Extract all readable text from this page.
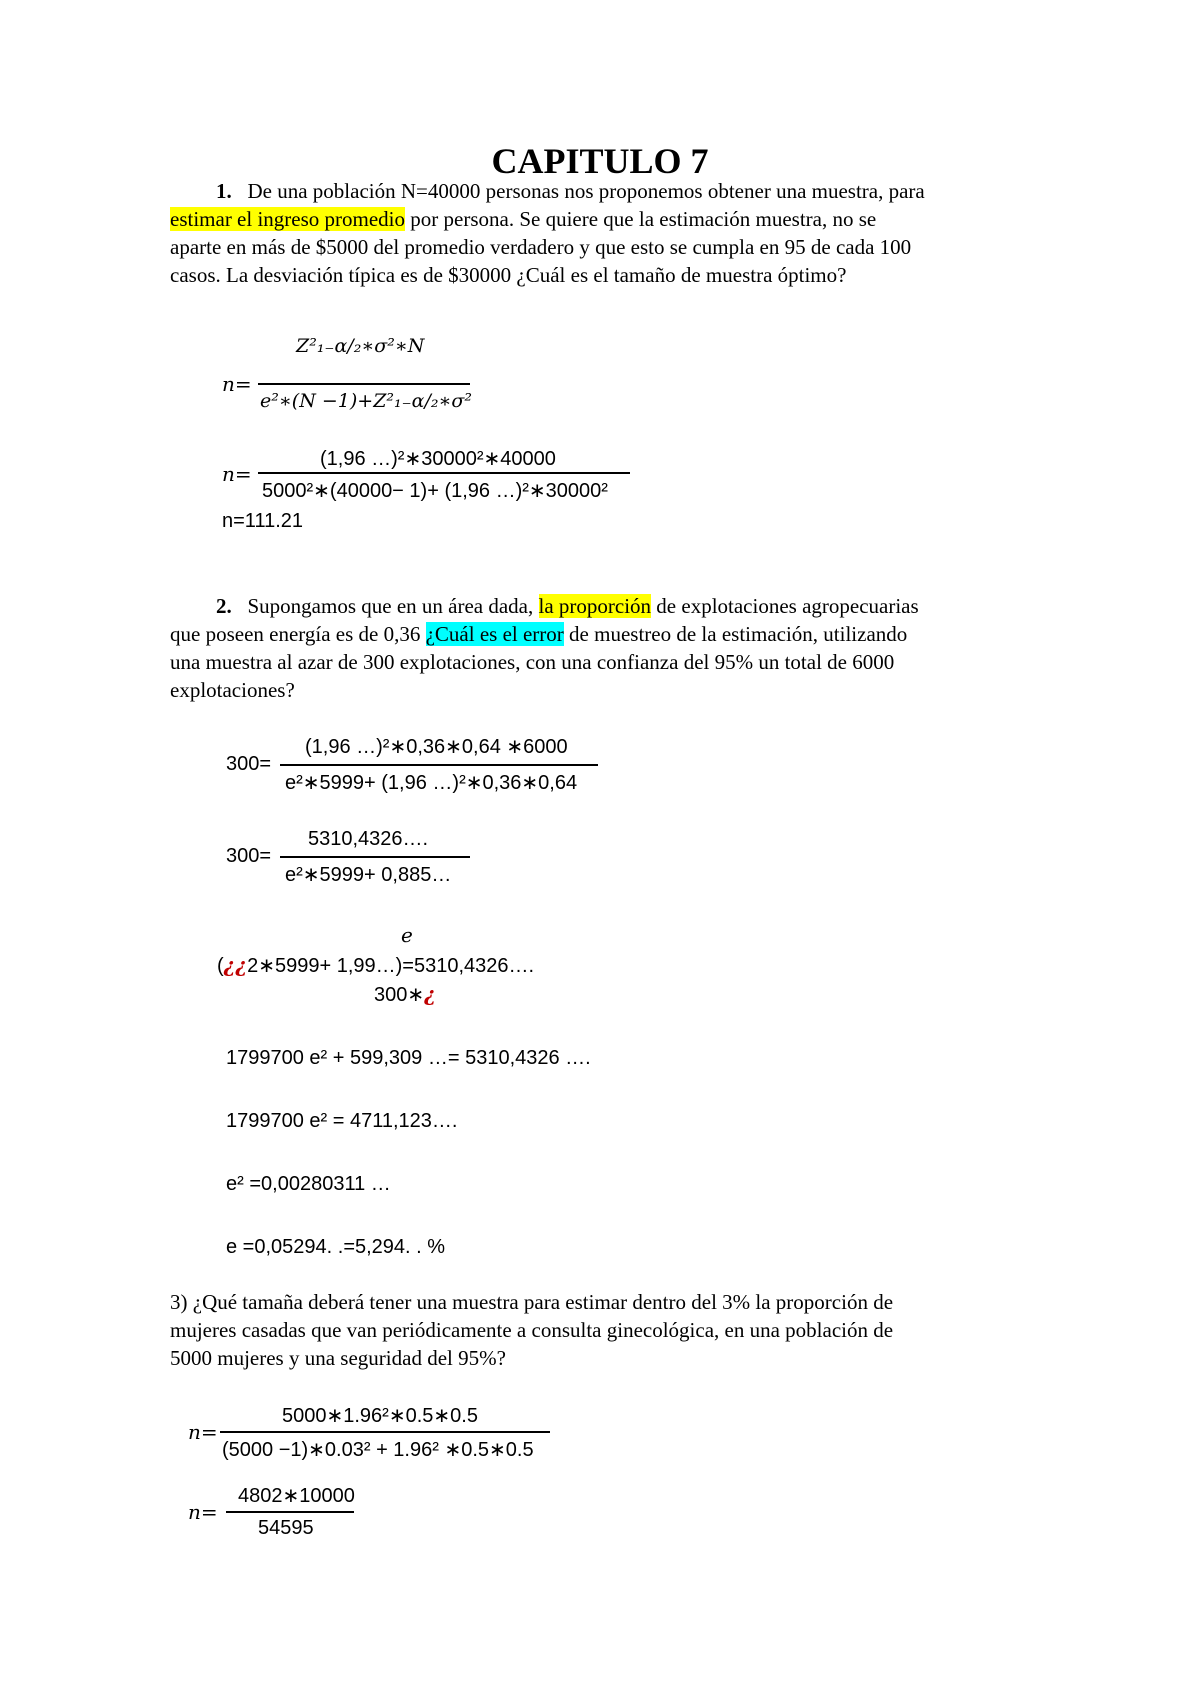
CAPITULO 7
1. De una población N=40000 personas nos proponemos obtener una muestra, para
estimar el ingreso promedio por persona. Se quiere que la estimación muestra, no se
aparte en más de $5000 del promedio verdadero y que esto se cumpla en 95 de cada 100
casos. La desviación típica es de $30000 ¿Cuál es el tamaño de muestra óptimo?
n=
Z²₁₋α/₂∗σ²∗N
e²∗(N −1)+Z²₁₋α/₂∗σ²
n=
(1,96 …)²∗30000²∗40000
5000²∗(40000− 1)+ (1,96 …)²∗30000²
n=111.21
2. Supongamos que en un área dada, la proporción de explotaciones agropecuarias
que poseen energía es de 0,36 ¿Cuál es el error de muestreo de la estimación, utilizando
una muestra al azar de 300 explotaciones, con una confianza del 95% un total de 6000
explotaciones?
300=
(1,96 …)²∗0,36∗0,64 ∗6000
e²∗5999+ (1,96 …)²∗0,36∗0,64
300=
5310,4326….
e²∗5999+ 0,885…
e
(¿¿2∗5999+ 1,99…)=5310,4326….
300∗¿
1799700 e² + 599,309 …= 5310,4326 ….
1799700 e² = 4711,123….
e² =0,00280311 …
e =0,05294. .=5,294. . %
3) ¿Qué tamaña deberá tener una muestra para estimar dentro del 3% la proporción de
mujeres casadas que van periódicamente a consulta ginecológica, en una población de
5000 mujeres y una seguridad del 95%?
n=
5000∗1.96²∗0.5∗0.5
(5000 −1)∗0.03² + 1.96² ∗0.5∗0.5
n=
4802∗10000
54595
